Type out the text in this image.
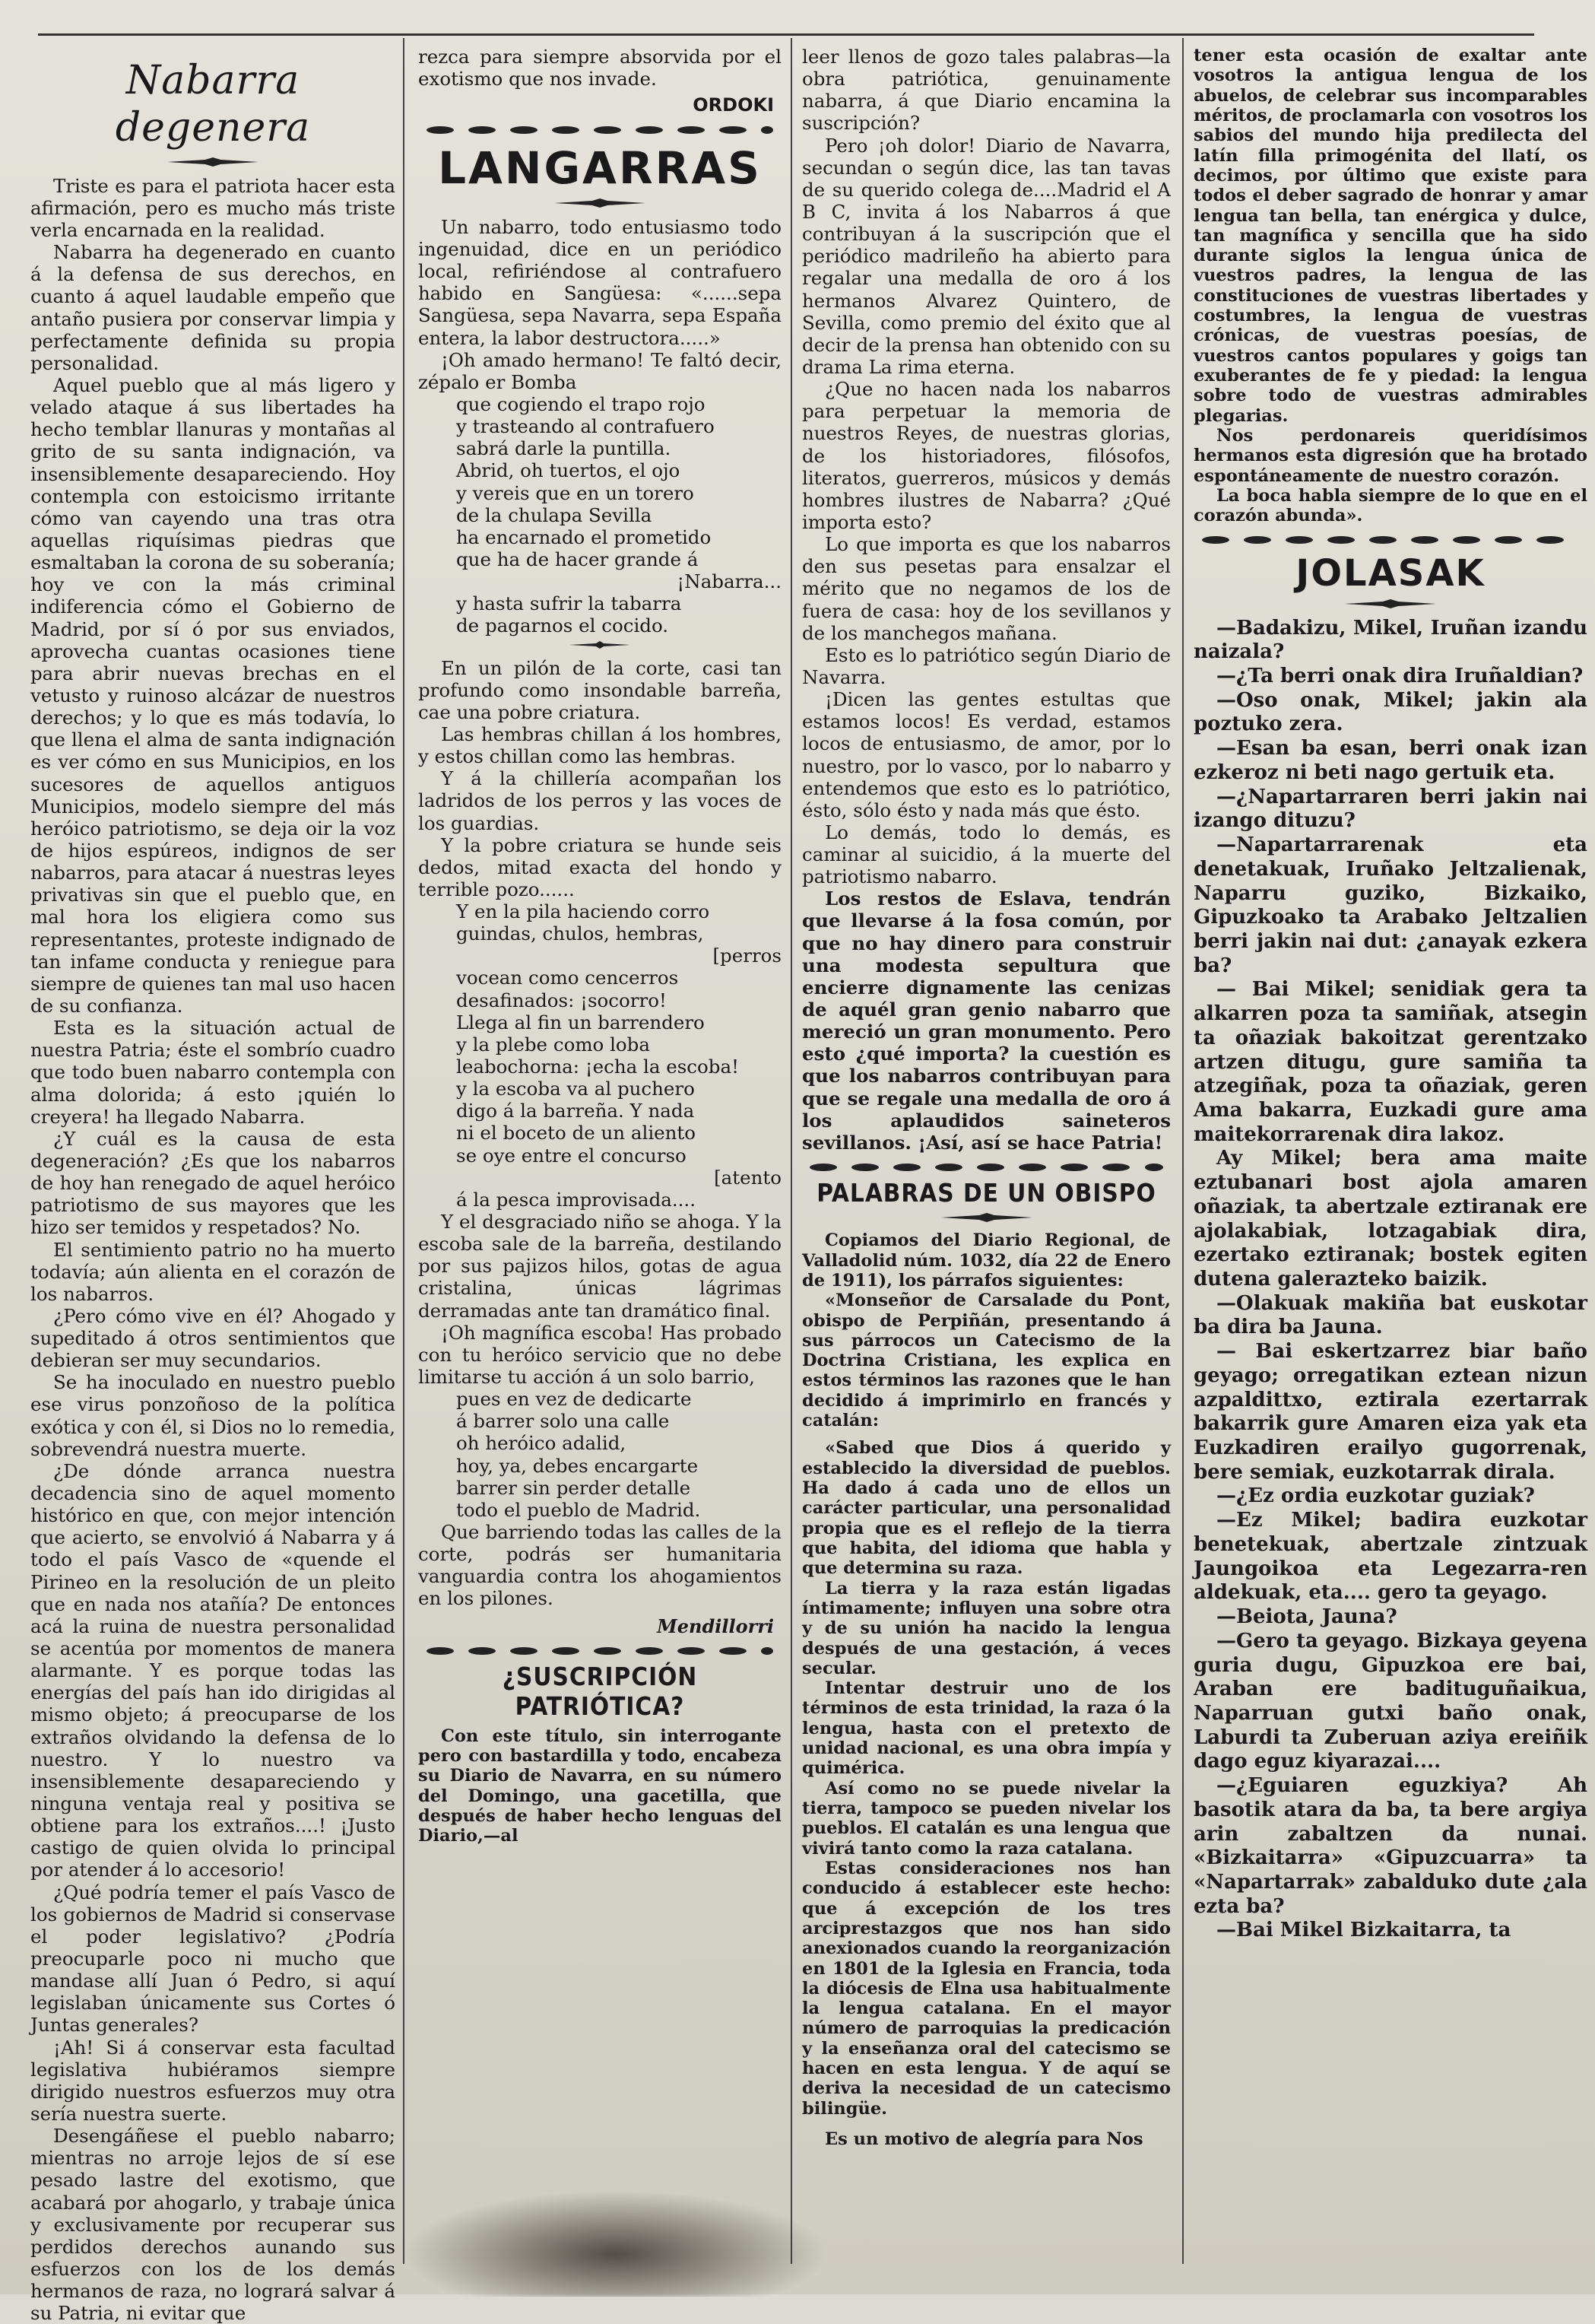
Nabarra degenera

Triste es para el patriota hacer esta afirmación, pero es mucho más triste verla encarnada en la realidad.

Nabarra ha degenerado en cuanto á la defensa de sus derechos, en cuanto á aquel laudable empeño que antaño pusiera por conservar limpia y perfectamente definida su propia personalidad.

Aquel pueblo que al más ligero y velado ataque á sus libertades ha hecho temblar llanuras y montañas al grito de su santa indignación, va insensiblemente desapareciendo. Hoy contempla con estoicismo irritante cómo van cayendo una tras otra aquellas riquísimas piedras que esmaltaban la corona de su soberanía; hoy ve con la más criminal indiferencia cómo el Gobierno de Madrid, por sí ó por sus enviados, aprovecha cuantas ocasiones tiene para abrir nuevas brechas en el vetusto y ruinoso alcázar de nuestros derechos; y lo que es más todavía, lo que llena el alma de santa indignación es ver cómo en sus Municipios, en los sucesores de aquellos antiguos Municipios, modelo siempre del más heróico patriotismo, se deja oir la voz de hijos espúreos, indignos de ser nabarros, para atacar á nuestras leyes privativas sin que el pueblo que, en mal hora los eligiera como sus representantes, proteste indignado de tan infame conducta y reniegue para siempre de quienes tan mal uso hacen de su confianza.

Esta es la situación actual de nuestra Patria; éste el sombrío cuadro que todo buen nabarro contempla con alma dolorida; á esto ¡quién lo creyera! ha llegado Nabarra.

¿Y cuál es la causa de esta degeneración? ¿Es que los nabarros de hoy han renegado de aquel heróico patriotismo de sus mayores que les hizo ser temidos y respetados? No.

El sentimiento patrio no ha muerto todavía; aún alienta en el corazón de los nabarros.

¿Pero cómo vive en él? Ahogado y supeditado á otros sentimientos que debieran ser muy secundarios.

Se ha inoculado en nuestro pueblo ese virus ponzoñoso de la política exótica y con él, si Dios no lo remedia, sobrevendrá nuestra muerte.

¿De dónde arranca nuestra decadencia sino de aquel momento histórico en que, con mejor intención que acierto, se envolvió á Nabarra y á todo el país Vasco de «quende el Pirineo en la resolución de un pleito que en nada nos atañía? De entonces acá la ruina de nuestra personalidad se acentúa por momentos de manera alarmante. Y es porque todas las energías del país han ido dirigidas al mismo objeto; á preocuparse de los extraños olvidando la defensa de lo nuestro. Y lo nuestro va insensiblemente desapareciendo y ninguna ventaja real y positiva se obtiene para los extraños....! ¡Justo castigo de quien olvida lo principal por atender á lo accesorio!

¿Qué podría temer el país Vasco de los gobiernos de Madrid si conservase el poder legislativo? ¿Podría preocuparle poco ni mucho que mandase allí Juan ó Pedro, si aquí legislaban únicamente sus Cortes ó Juntas generales?

¡Ah! Si á conservar esta facultad legislativa hubiéramos siempre dirigido nuestros esfuerzos muy otra sería nuestra suerte.

Desengáñese el pueblo nabarro; mientras no arroje lejos de sí ese pesado lastre del exotismo, que acabará por ahogarlo, y trabaje única y exclusivamente por recuperar sus perdidos derechos aunando sus esfuerzos con los de los demás hermanos de raza, no logrará salvar á su Patria, ni evitar que

rezca para siempre absorvida por el exotismo que nos invade.

ORDOKI
LANGARRAS

Un nabarro, todo entusiasmo todo ingenuidad, dice en un periódico local, refiriéndose al contrafuero habido en Sangüesa: «......sepa Sangüesa, sepa Navarra, sepa España entera, la labor destructora.....»

¡Oh amado hermano! Te faltó decir, zépalo er Bomba

que cogiendo el trapo rojo

y trasteando al contrafuero

sabrá darle la puntilla.

Abrid, oh tuertos, el ojo

y vereis que en un torero

de la chulapa Sevilla

ha encarnado el prometido

que ha de hacer grande á

¡Nabarra...

y hasta sufrir la tabarra

de pagarnos el cocido.

En un pilón de la corte, casi tan profundo como insondable barreña, cae una pobre criatura.

Las hembras chillan á los hombres, y estos chillan como las hembras.

Y á la chillería acompañan los ladridos de los perros y las voces de los guardias.

Y la pobre criatura se hunde seis dedos, mitad exacta del hondo y terrible pozo......

Y en la pila haciendo corro

guindas, chulos, hembras,

[perros

vocean como cencerros

desafinados: ¡socorro!

Llega al fin un barrendero

y la plebe como loba

leabochorna: ¡echa la escoba!

y la escoba va al puchero

digo á la barreña. Y nada

ni el boceto de un aliento

se oye entre el concurso

[atento

á la pesca improvisada....

Y el desgraciado niño se ahoga. Y la escoba sale de la barreña, destilando por sus pajizos hilos, gotas de agua cristalina, únicas lágrimas derramadas ante tan dramático final.

¡Oh magnífica escoba! Has probado con tu heróico servicio que no debe limitarse tu acción á un solo barrio,

pues en vez de dedicarte

á barrer solo una calle

oh heróico adalid,

hoy, ya, debes encargarte

barrer sin perder detalle

todo el pueblo de Madrid.

Que barriendo todas las calles de la corte, podrás ser humanitaria vanguardia contra los ahogamientos en los pilones.

Mendillorri
¿SUSCRIPCIÓN PATRIÓTICA?

Con este título, sin interrogante pero con bastardilla y todo, encabeza su Diario de Navarra, en su número del Domingo, una gacetilla, que después de haber hecho lenguas del Diario,—al

leer llenos de gozo tales palabras—la obra patriótica, genuinamente nabarra, á que Diario encamina la suscripción?

Pero ¡oh dolor! Diario de Navarra, secundan o según dice, las tan tavas de su querido colega de....Madrid el A B C, invita á los Nabarros á que contribuyan á la suscripción que el periódico madrileño ha abierto para regalar una medalla de oro á los hermanos Alvarez Quintero, de Sevilla, como premio del éxito que al decir de la prensa han obtenido con su drama La rima eterna.

¿Que no hacen nada los nabarros para perpetuar la memoria de nuestros Reyes, de nuestras glorias, de los historiadores, filósofos, literatos, guerreros, músicos y demás hombres ilustres de Nabarra? ¿Qué importa esto?

Lo que importa es que los nabarros den sus pesetas para ensalzar el mérito que no negamos de los de fuera de casa: hoy de los sevillanos y de los manchegos mañana.

Esto es lo patriótico según Diario de Navarra.

¡Dicen las gentes estultas que estamos locos! Es verdad, estamos locos de entusiasmo, de amor, por lo nuestro, por lo vasco, por lo nabarro y entendemos que esto es lo patriótico, ésto, sólo ésto y nada más que ésto.

Lo demás, todo lo demás, es caminar al suicidio, á la muerte del patriotismo nabarro.

Los restos de Eslava, tendrán que llevarse á la fosa común, por que no hay dinero para construir una modesta sepultura que encierre dignamente las cenizas de aquél gran genio nabarro que mereció un gran monumento. Pero esto ¿qué importa? la cuestión es que los nabarros contribuyan para que se regale una medalla de oro á los aplaudidos saineteros sevillanos. ¡Así, así se hace Patria!

PALABRAS DE UN OBISPO

Copiamos del Diario Regional, de Valladolid núm. 1032, día 22 de Enero de 1911), los párrafos siguientes:

«Monseñor de Carsalade du Pont, obispo de Perpiñán, presentando á sus párrocos un Catecismo de la Doctrina Cristiana, les explica en estos términos las razones que le han decidido á imprimirlo en francés y catalán:

«Sabed que Dios á querido y establecido la diversidad de pueblos. Ha dado á cada uno de ellos un carácter particular, una personalidad propia que es el reflejo de la tierra que habita, del idioma que habla y que determina su raza.

La tierra y la raza están ligadas íntimamente; influyen una sobre otra y de su unión ha nacido la lengua después de una gestación, á veces secular.

Intentar destruir uno de los términos de esta trinidad, la raza ó la lengua, hasta con el pretexto de unidad nacional, es una obra impía y quimérica.

Así como no se puede nivelar la tierra, tampoco se pueden nivelar los pueblos. El catalán es una lengua que vivirá tanto como la raza catalana.

Estas consideraciones nos han conducido á establecer este hecho: que á excepción de los tres arciprestazgos que nos han sido anexionados cuando la reorganización en 1801 de la Iglesia en Francia, toda la diócesis de Elna usa habitualmente la lengua catalana. En el mayor número de parroquias la predicación y la enseñanza oral del catecismo se hacen en esta lengua. Y de aquí se deriva la necesidad de un catecismo bilingüe.

Es un motivo de alegría para Nos

tener esta ocasión de exaltar ante vosotros la antigua lengua de los abuelos, de celebrar sus incomparables méritos, de proclamarla con vosotros los sabios del mundo hija predilecta del latín filla primogénita del llatí, os decimos, por último que existe para todos el deber sagrado de honrar y amar lengua tan bella, tan enérgica y dulce, tan magnífica y sencilla que ha sido durante siglos la lengua única de vuestros padres, la lengua de las constituciones de vuestras libertades y costumbres, la lengua de vuestras crónicas, de vuestras poesías, de vuestros cantos populares y goigs tan exuberantes de fe y piedad: la lengua sobre todo de vuestras admirables plegarias.

Nos perdonareis queridísimos hermanos esta digresión que ha brotado espontáneamente de nuestro corazón.

La boca habla siempre de lo que en el corazón abunda».

JOLASAK

—Badakizu, Mikel, Iruñan izandu naizala?

—¿Ta berri onak dira Iruñaldian?

—Oso onak, Mikel; jakin ala poztuko zera.

—Esan ba esan, berri onak izan ezkeroz ni beti nago gertuik eta.

—¿Napartarraren berri jakin nai izango dituzu?

—Napartarrarenak eta denetakuak, Iruñako Jeltzalienak, Naparru guziko, Bizkaiko, Gipuzkoako ta Arabako Jeltzalien berri jakin nai dut: ¿anayak ezkera ba?

— Bai Mikel; senidiak gera ta alkarren poza ta samiñak, atsegin ta oñaziak bakoitzat gerentzako artzen ditugu, gure samiña ta atzegiñak, poza ta oñaziak, geren Ama bakarra, Euzkadi gure ama maitekorrarenak dira lakoz.

Ay Mikel; bera ama maite eztubanari bost ajola amaren oñaziak, ta abertzale eztiranak ere ajolakabiak, lotzagabiak dira, ezertako eztiranak; bostek egiten dutena galerazteko baizik.

—Olakuak makiña bat euskotar ba dira ba Jauna.

— Bai eskertzarrez biar baño geyago; orregatikan eztean nizun azpaldittxo, eztirala ezertarrak bakarrik gure Amaren eiza yak eta Euzkadiren erailyo gugorrenak, bere semiak, euzkotarrak dirala.

—¿Ez ordia euzkotar guziak?

—Ez Mikel; badira euzkotar benetekuak, abertzale zintzuak Jaungoikoa eta Legezarra-ren aldekuak, eta.... gero ta geyago.

—Beiota, Jauna?

—Gero ta geyago. Bizkaya geyena guria dugu, Gipuzkoa ere bai, Araban ere badituguñaikua, Naparruan gutxi baño onak, Laburdi ta Zuberuan aziya ereiñik dago eguz kiyarazai....

—¿Eguiaren eguzkiya? Ah basotik atara da ba, ta bere argiya arin zabaltzen da nunai. «Bizkaitarra» «Gipuzcuarra» ta «Napartarrak» zabalduko dute ¿ala ezta ba?

—Bai Mikel Bizkaitarra, ta
